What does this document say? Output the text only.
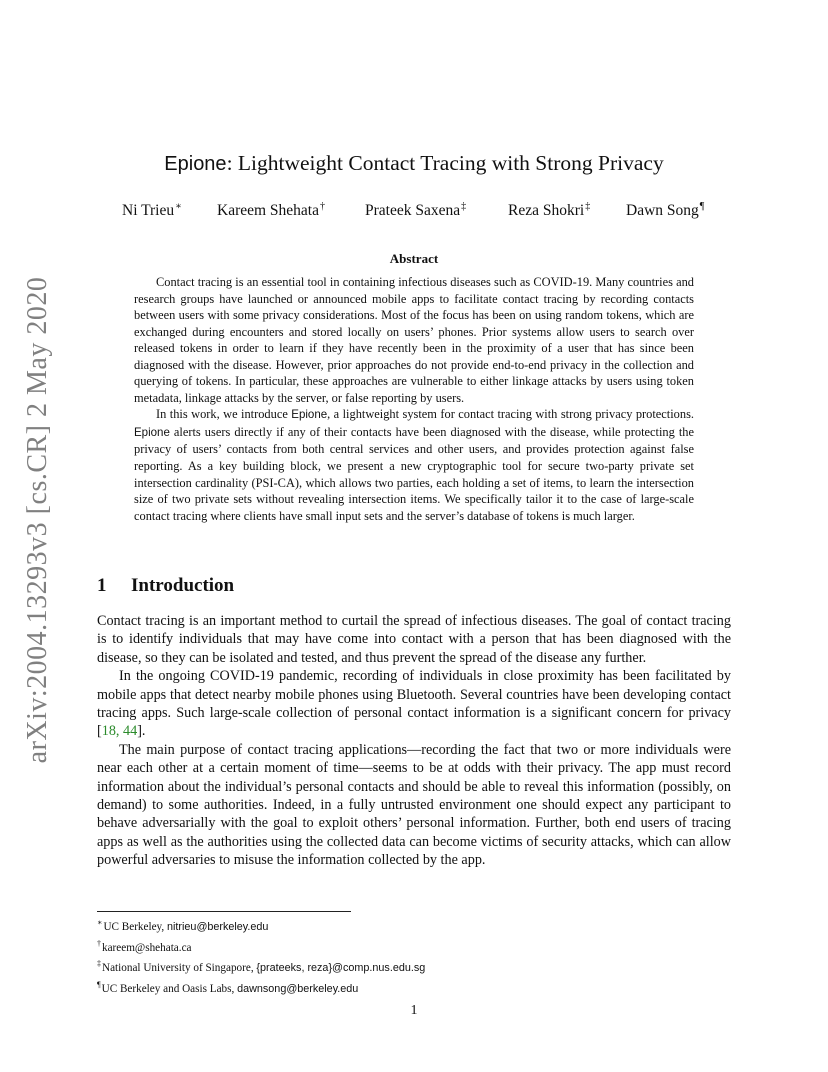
arXiv:2004.13293v3 [cs.CR] 2 May 2020
Epione: Lightweight Contact Tracing with Strong Privacy
Ni Trieu∗ Kareem Shehata†	Prateek Saxena‡	Reza Shokri‡ Dawn Song¶
Abstract

Contact tracing is an essential tool in containing infectious diseases such as COVID-19. Many countries and research groups have launched or announced mobile apps to facilitate contact tracing by recording contacts between users with some privacy considerations. Most of the focus has been on using random tokens, which are exchanged during encounters and stored locally on users’ phones. Prior systems allow users to search over released tokens in order to learn if they have recently been in the proximity of a user that has since been diagnosed with the disease. However, prior approaches do not provide end-to-end privacy in the collection and querying of tokens. In particular, these approaches are vulnerable to either linkage attacks by users using token metadata, linkage attacks by the server, or false reporting by users.

In this work, we introduce Epione, a lightweight system for contact tracing with strong privacy protections. Epione alerts users directly if any of their contacts have been diagnosed with the disease, while protecting the privacy of users’ contacts from both central services and other users, and provides protection against false reporting. As a key building block, we present a new cryptographic tool for secure two-party private set intersection cardinality (PSI-CA), which allows two parties, each holding a set of items, to learn the intersection size of two private sets without revealing intersection items. We specifically tailor it to the case of large-scale contact tracing where clients have small input sets and the server’s database of tokens is much larger.

1 Introduction

Contact tracing is an important method to curtail the spread of infectious diseases. The goal of contact tracing is to identify individuals that may have come into contact with a person that has been diagnosed with the disease, so they can be isolated and tested, and thus prevent the spread of the disease any further.

In the ongoing COVID-19 pandemic, recording of individuals in close proximity has been facilitated by mobile apps that detect nearby mobile phones using Bluetooth. Several countries have been developing contact tracing apps. Such large-scale collection of personal contact information is a significant concern for privacy [18, 44].

The main purpose of contact tracing applications—recording the fact that two or more individuals were near each other at a certain moment of time—seems to be at odds with their privacy. The app must record information about the individual’s personal contacts and should be able to reveal this information (possibly, on demand) to some authorities. Indeed, in a fully untrusted environment one should expect any participant to behave adversarially with the goal to exploit others’ personal information. Further, both end users of tracing apps as well as the authorities using the collected data can become victims of security attacks, which can allow powerful adversaries to misuse the information collected by the app.

∗UC Berkeley, nitrieu@berkeley.edu
†kareem@shehata.ca
‡National University of Singapore, {prateeks, reza}@comp.nus.edu.sg
¶UC Berkeley and Oasis Labs, dawnsong@berkeley.edu
1
